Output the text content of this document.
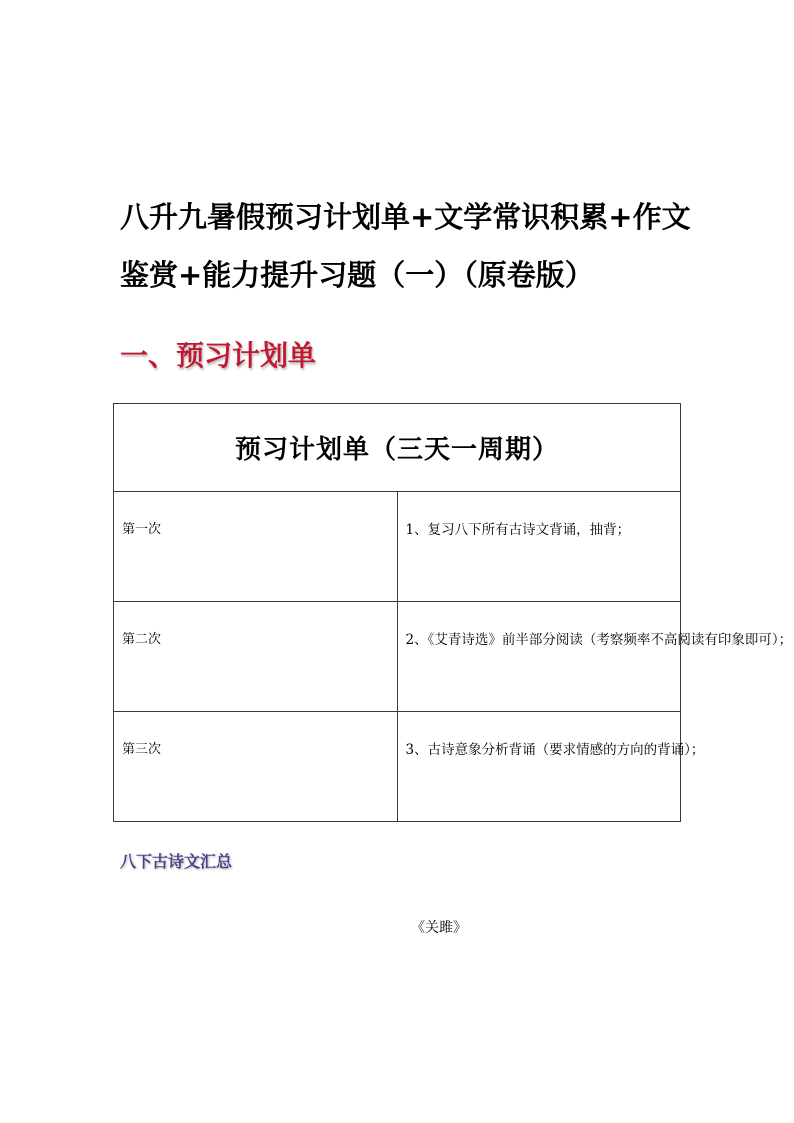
八升九暑假预习计划单+文学常识积累+作文
鉴赏+能力提升习题（一）（原卷版）
一、预习计划单
预习计划单（三天一周期）	
第一次	1、复习八下所有古诗文背诵，抽背；
第二次	2、《艾青诗选》前半部分阅读（考察频率不高阅读有印象即可）；
第三次	3、古诗意象分析背诵（要求情感的方向的背诵）；
八下古诗文汇总

《关雎》
